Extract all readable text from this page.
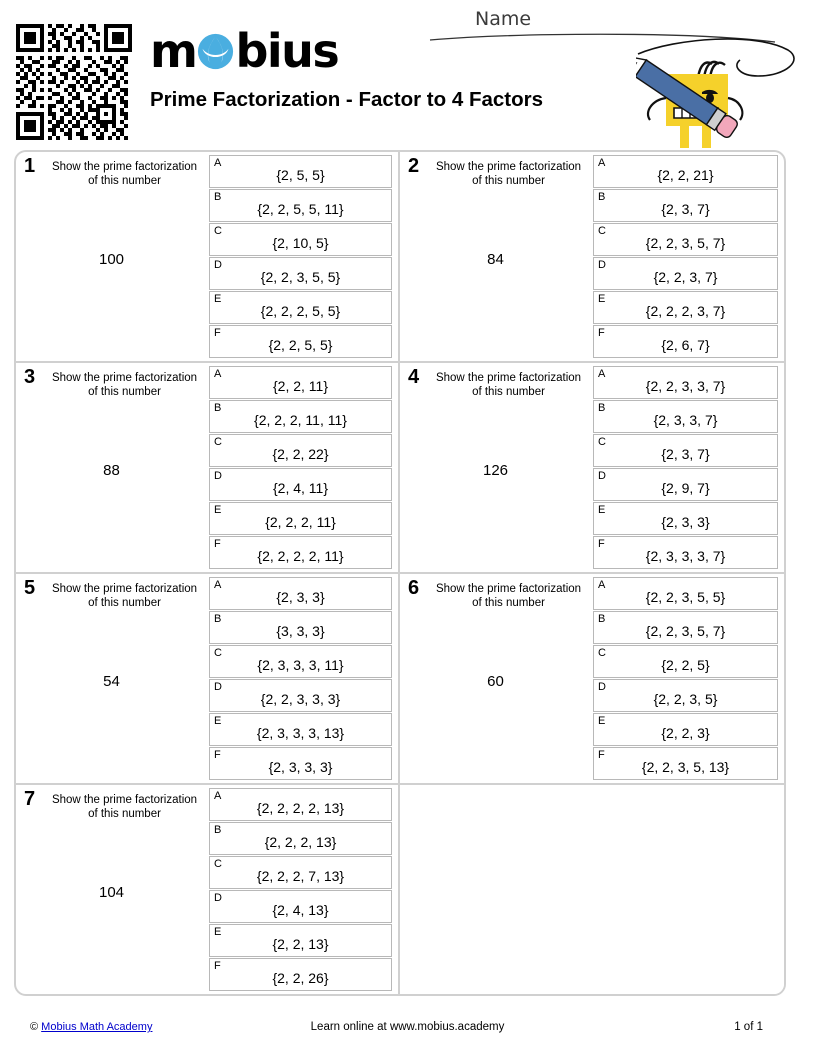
m bius
Prime Factorization - Factor to 4 Factors
Name
1	Show the prime factorization of this number
100
A
{2, 5, 5}
B
{2, 2, 5, 5, 11}
C
{2, 10, 5}
D
{2, 2, 3, 5, 5}
E
{2, 2, 2, 5, 5}
F
{2, 2, 5, 5}
2	Show the prime factorization of this number
84
A
{2, 2, 21}
B
{2, 3, 7}
C
{2, 2, 3, 5, 7}
D
{2, 2, 3, 7}
E
{2, 2, 2, 3, 7}
F
{2, 6, 7}
3	Show the prime factorization of this number
88
A
{2, 2, 11}
B
{2, 2, 2, 11, 11}
C
{2, 2, 22}
D
{2, 4, 11}
E
{2, 2, 2, 11}
F
{2, 2, 2, 2, 11}
4	Show the prime factorization of this number
126
A
{2, 2, 3, 3, 7}
B
{2, 3, 3, 7}
C
{2, 3, 7}
D
{2, 9, 7}
E
{2, 3, 3}
F
{2, 3, 3, 3, 7}
5	Show the prime factorization of this number
54
A
{2, 3, 3}
B
{3, 3, 3}
C
{2, 3, 3, 3, 11}
D
{2, 2, 3, 3, 3}
E
{2, 3, 3, 3, 13}
F
{2, 3, 3, 3}
6	Show the prime factorization of this number
60
A
{2, 2, 3, 5, 5}
B
{2, 2, 3, 5, 7}
C
{2, 2, 5}
D
{2, 2, 3, 5}
E
{2, 2, 3}
F
{2, 2, 3, 5, 13}
7	Show the prime factorization of this number
104
A
{2, 2, 2, 2, 13}
B
{2, 2, 2, 13}
C
{2, 2, 2, 7, 13}
D
{2, 4, 13}
E
{2, 2, 13}
F
{2, 2, 26}
Learn online at www.mobius.academy
© Mobius Math Academy	1 of 1
